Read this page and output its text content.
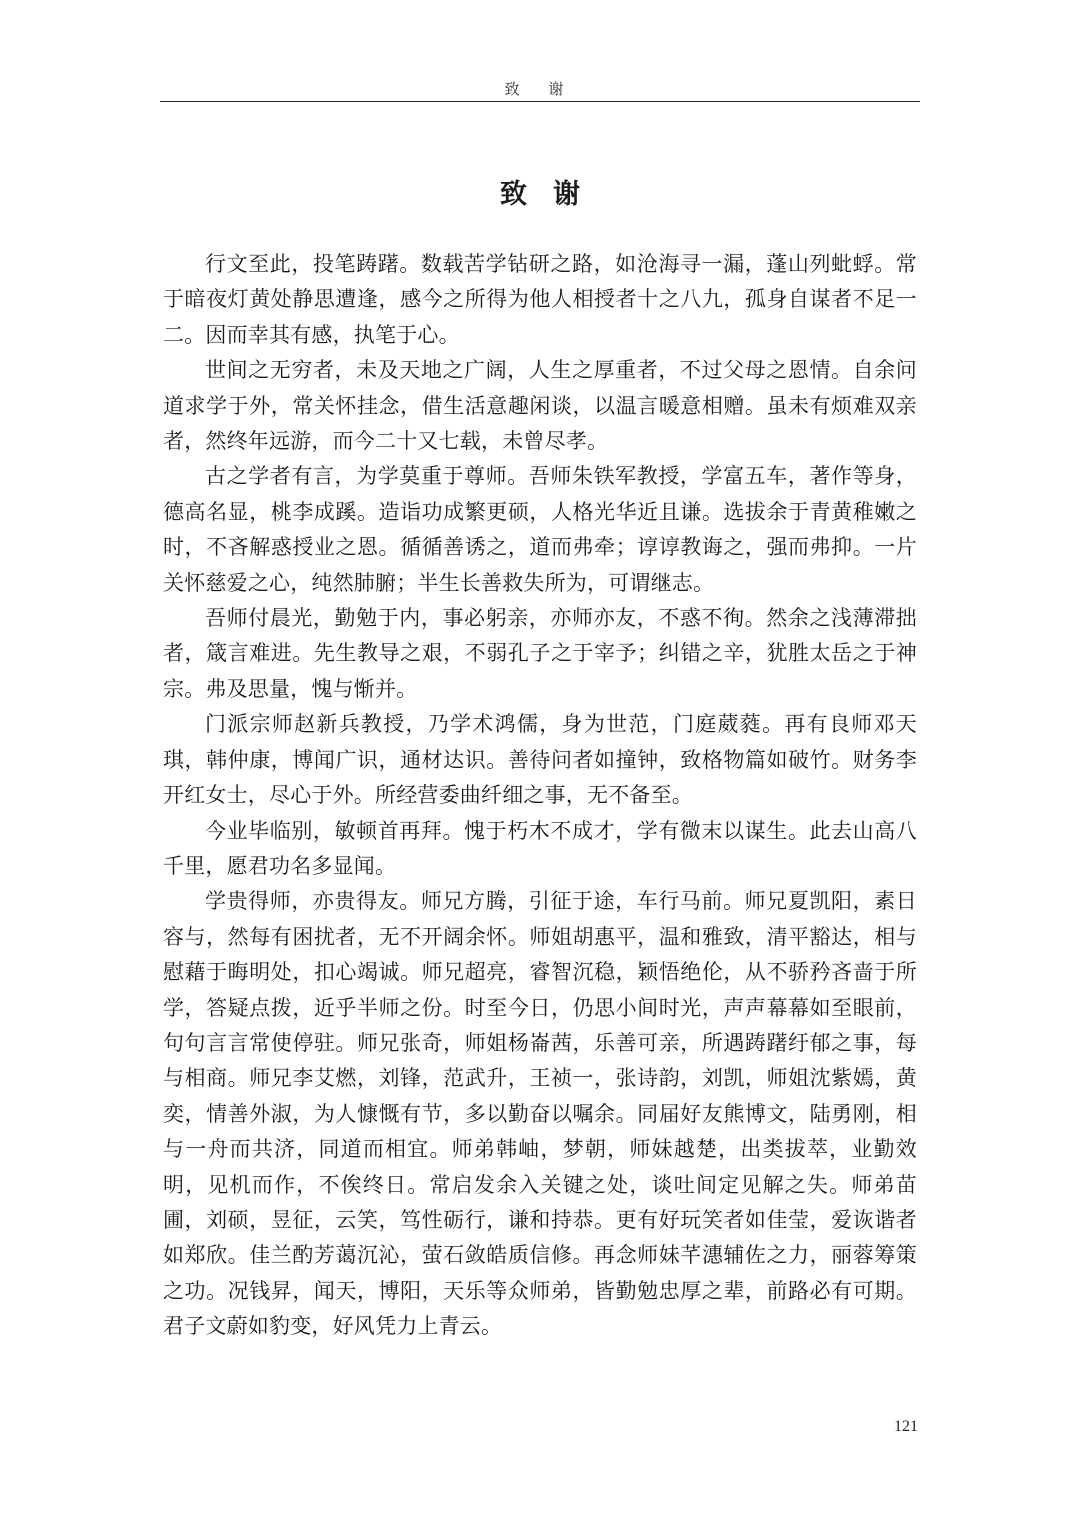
致 谢
致谢

行文至此，投笔踌躇。数载苦学钻研之路，如沧海寻一漏，蓬山列蚍蜉。常于暗夜灯黄处静思遭逢，感今之所得为他人相授者十之八九，孤身自谋者不足一二。因而幸其有感，执笔于心。

世间之无穷者，未及天地之广阔，人生之厚重者，不过父母之恩情。自余问道求学于外，常关怀挂念，借生活意趣闲谈，以温言暖意相赠。虽未有烦难双亲者，然终年远游，而今二十又七载，未曾尽孝。

古之学者有言，为学莫重于尊师。吾师朱铁军教授，学富五车，著作等身，德高名显，桃李成蹊。造诣功成繁更硕，人格光华近且谦。选拔余于青黄稚嫩之时，不吝解惑授业之恩。循循善诱之，道而弗牵；谆谆教诲之，强而弗抑。一片关怀慈爱之心，纯然肺腑；半生长善救失所为，可谓继志。

吾师付晨光，勤勉于内，事必躬亲，亦师亦友，不惑不徇。然余之浅薄滞拙者，箴言难进。先生教导之艰，不弱孔子之于宰予；纠错之辛，犹胜太岳之于神宗。弗及思量，愧与惭并。

门派宗师赵新兵教授，乃学术鸿儒，身为世范，门庭葳蕤。再有良师邓天琪，韩仲康，博闻广识，通材达识。善待问者如撞钟，致格物篇如破竹。财务李开红女士，尽心于外。所经营委曲纤细之事，无不备至。

今业毕临别，敏顿首再拜。愧于朽木不成才，学有微末以谋生。此去山高八千里，愿君功名多显闻。

学贵得师，亦贵得友。师兄方腾，引征于途，车行马前。师兄夏凯阳，素日容与，然每有困扰者，无不开阔余怀。师姐胡惠平，温和雅致，清平豁达，相与慰藉于晦明处，扣心竭诚。师兄超亮，睿智沉稳，颖悟绝伦，从不骄矜吝啬于所学，答疑点拨，近乎半师之份。时至今日，仍思小间时光，声声幕幕如至眼前，句句言言常使停驻。师兄张奇，师姐杨崙茜，乐善可亲，所遇踌躇纡郁之事，每与相商。师兄李艾燃，刘锋，范武升，王祯一，张诗韵，刘凯，师姐沈紫嫣，黄奕，情善外淑，为人慷慨有节，多以勤奋以嘱余。同届好友熊博文，陆勇刚，相与一舟而共济，同道而相宜。师弟韩岫，梦朝，师妹越楚，出类拔萃，业勤效明，见机而作，不俟终日。常启发余入关键之处，谈吐间定见解之失。师弟苗圃，刘硕，昱征，云笑，笃性砺行，谦和持恭。更有好玩笑者如佳莹，爱诙谐者如郑欣。佳兰酌芳蔼沉沁，萤石敛皓质信修。再念师妹芊潓辅佐之力，丽蓉筹策之功。况钱昇，闻天，博阳，天乐等众师弟，皆勤勉忠厚之辈，前路必有可期。君子文蔚如豹变，好风凭力上青云。

121
